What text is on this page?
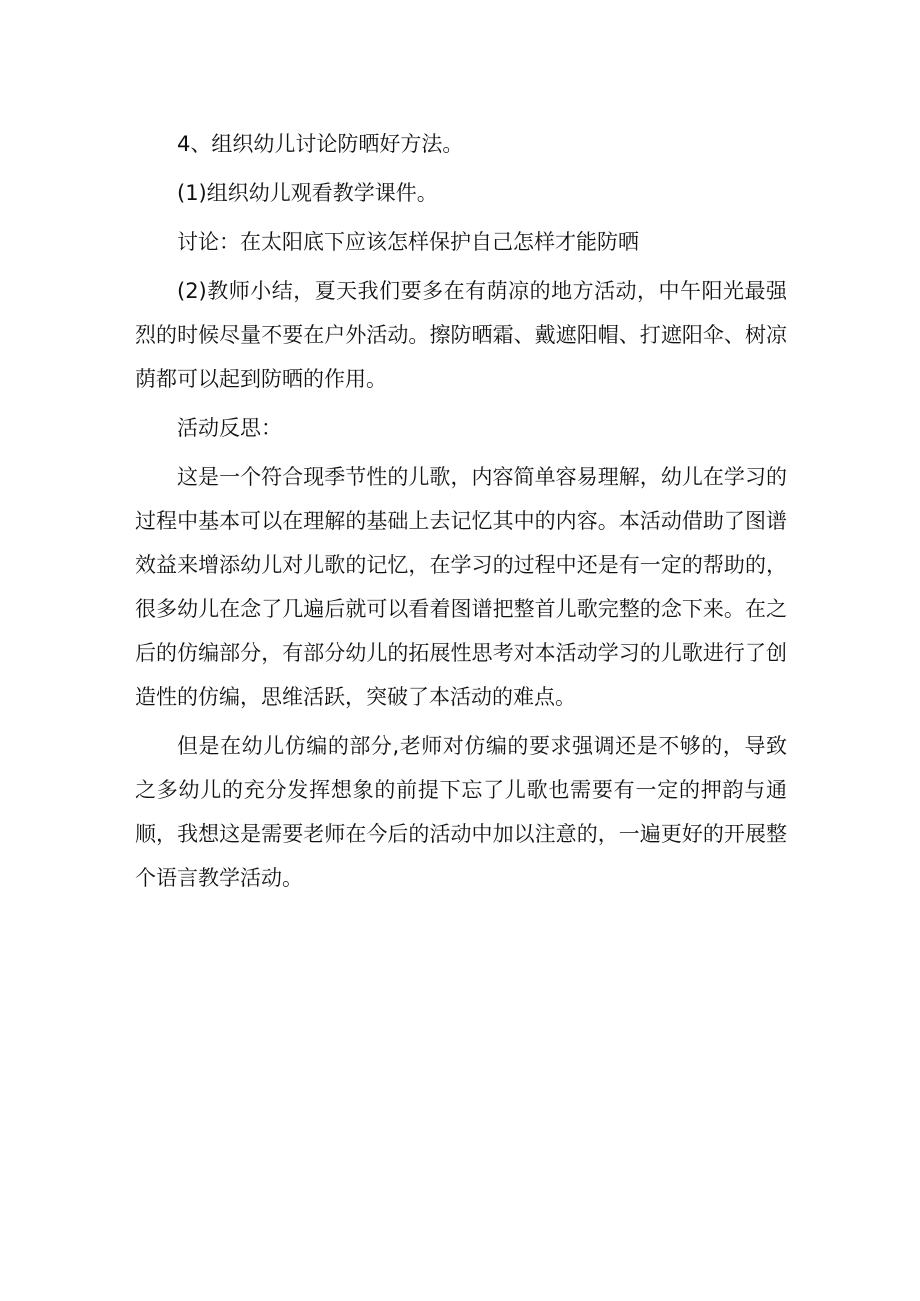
4、组织幼儿讨论防晒好方法。

(1)组织幼儿观看教学课件。

讨论：在太阳底下应该怎样保护自己怎样才能防晒

(2)教师小结，夏天我们要多在有荫凉的地方活动，中午阳光最强烈的时候尽量不要在户外活动。擦防晒霜、戴遮阳帽、打遮阳伞、树凉荫都可以起到防晒的作用。

活动反思：

这是一个符合现季节性的儿歌，内容简单容易理解，幼儿在学习的过程中基本可以在理解的基础上去记忆其中的内容。本活动借助了图谱效益来增添幼儿对儿歌的记忆，在学习的过程中还是有一定的帮助的，很多幼儿在念了几遍后就可以看着图谱把整首儿歌完整的念下来。在之后的仿编部分，有部分幼儿的拓展性思考对本活动学习的儿歌进行了创造性的仿编，思维活跃，突破了本活动的难点。

但是在幼儿仿编的部分,老师对仿编的要求强调还是不够的，导致之多幼儿的充分发挥想象的前提下忘了儿歌也需要有一定的押韵与通顺，我想这是需要老师在今后的活动中加以注意的，一遍更好的开展整个语言教学活动。
